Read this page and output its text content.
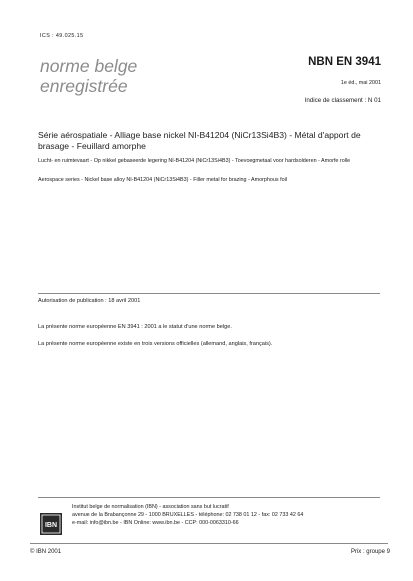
ICS : 49.025.15
norme belge
enregistrée
NBN EN 3941
1e éd., mai 2001
Indice de classement : N 01
Série aérospatiale - Alliage base nickel NI-B41204 (NiCr13Si4B3) - Métal d'apport de brasage - Feuillard amorphe
Lucht- en ruimtevaart - Op nikkel gebaseerde legering NI-B41204 (NiCr13Si4B3) - Toevoegmetaal voor hardsolderen - Amorfe rolle
Aerospace series - Nickel base alloy NI-B41204 (NiCr13Si4B3) - Filler metal for brazing - Amorphous foil
Autorisation de publication : 18 avril 2001
La présente norme européenne EN 3941 : 2001 a le statut d'une norme belge.
La présente norme européenne existe en trois versions officielles (allemand, anglais, français).
IBN
Institut belge de normalisation (IBN) - association sans but lucratif
avenue de la Brabançonne 29 - 1000 BRUXELLES - téléphone: 02 738 01 12 - fax: 02 733 42 64
e-mail: info@ibn.be - IBN Online: www.ibn.be - CCP: 000-0063310-66
© IBN 2001	Prix : groupe 9
